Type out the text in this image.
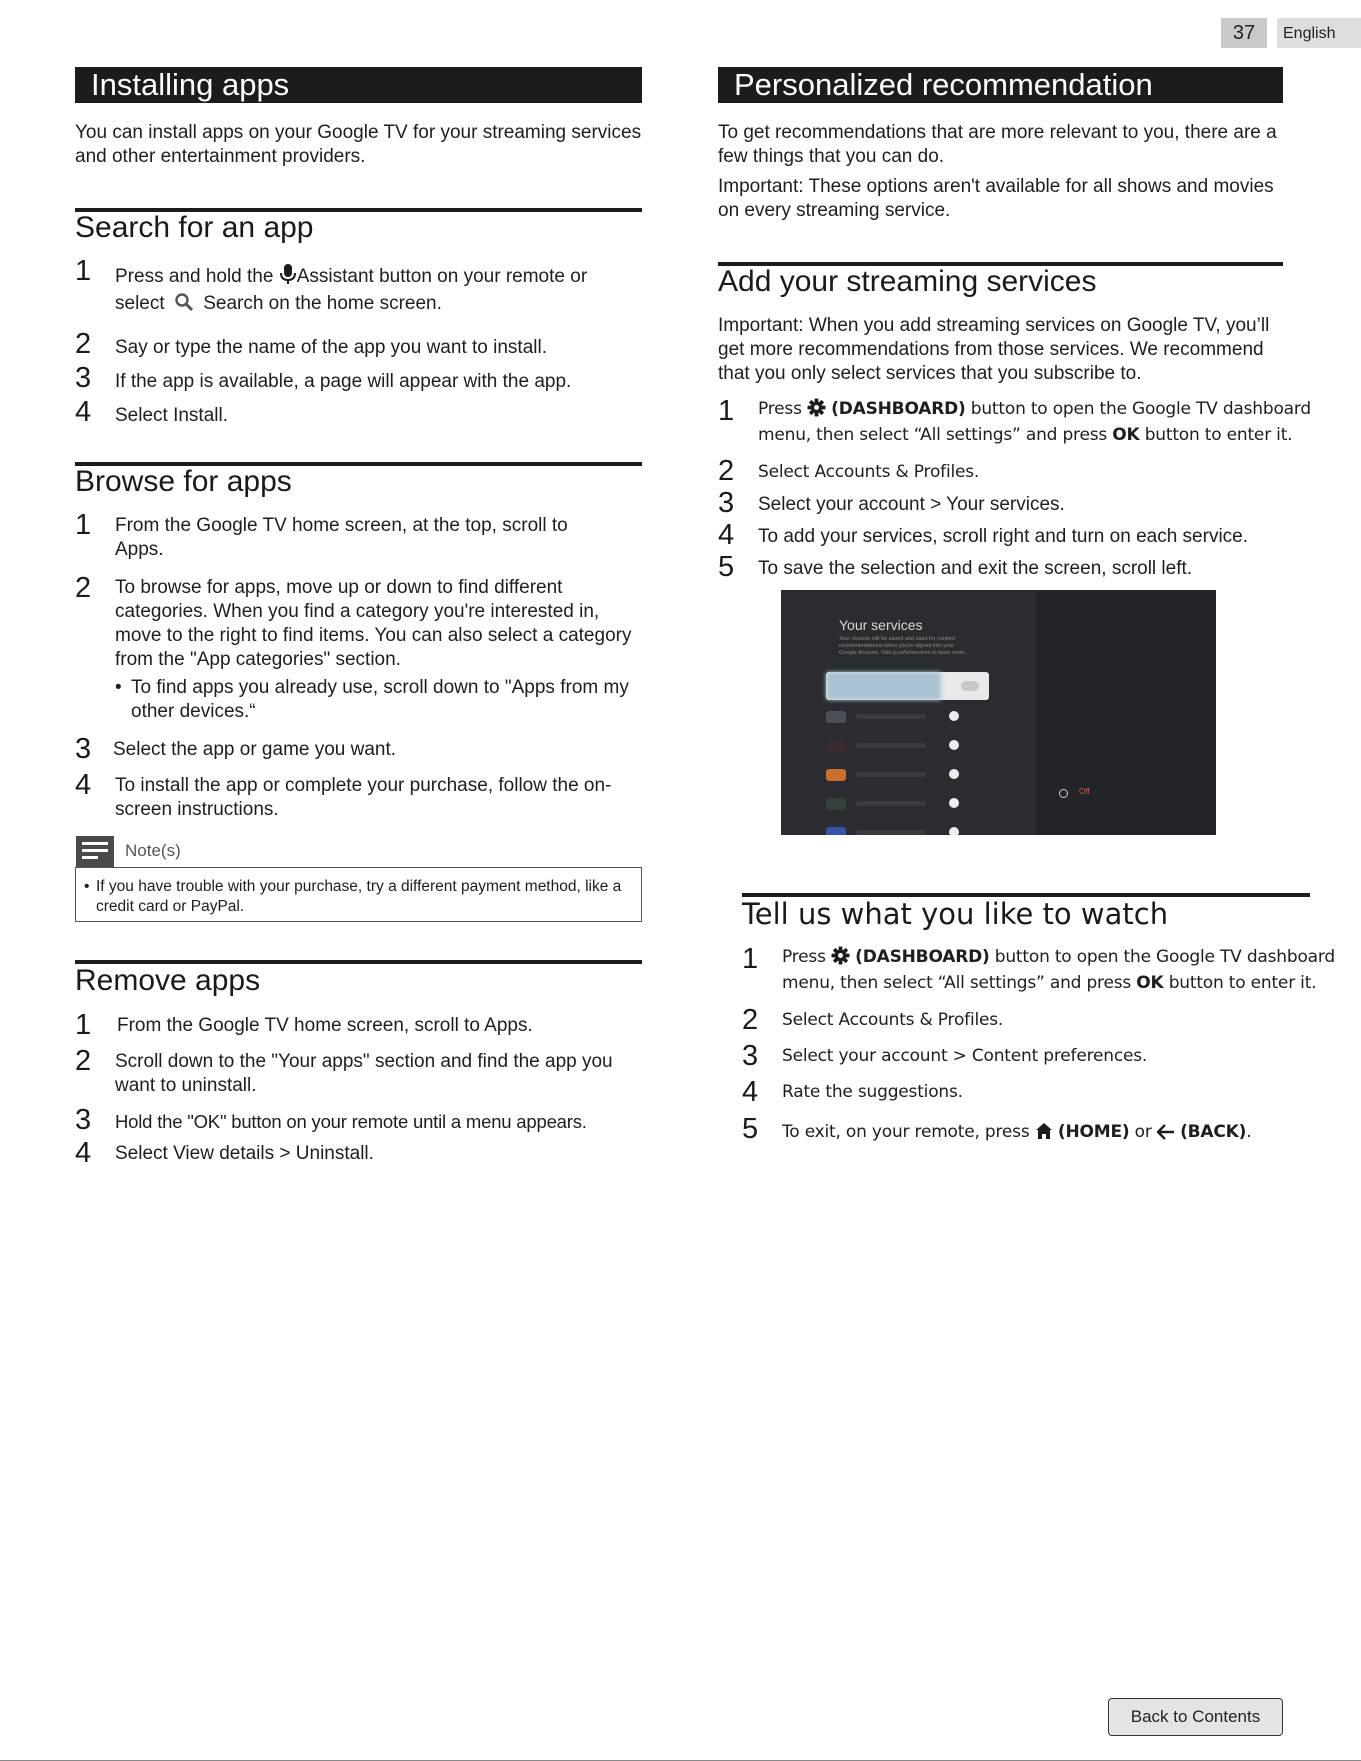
37	English
Installing apps
You can install apps on your Google TV for your streaming services and other entertainment providers.
Search for an app
1 Press and hold the Assistant button on your remote or
select  Search on the home screen.
2 Say or type the name of the app you want to install.
3 If the app is available, a page will appear with the app.
4 Select Install.
Browse for apps
1 From the Google TV home screen, at the top, scroll to Apps.
2 To browse for apps, move up or down to find different categories. When you find a category you're interested in, move to the right to find items. You can also select a category from the "App categories" section.
• To find apps you already use, scroll down to "Apps from my other devices.“
3 Select the app or game you want.
4 To install the app or complete your purchase, follow the on-screen instructions.
Note(s)
• If you have trouble with your purchase, try a different payment method, like a credit card or PayPal.
Remove apps
1 From the Google TV home screen, scroll to Apps.
2 Scroll down to the "Your apps" section and find the app you want to uninstall.
3 Hold the "OK" button on your remote until a menu appears.
4 Select View details > Uninstall.
Personalized recommendation
To get recommendations that are more relevant to you, there are a few things that you can do.
Important: These options aren't available for all shows and movies on every streaming service.
Add your streaming services
Important: When you add streaming services on Google TV, you’ll get more recommendations from those services. We recommend that you only select services that you subscribe to.
1 Press  (DASHBOARD) button to open the Google TV dashboard
menu, then select “All settings” and press OK button to enter it.
2 Select Accounts & Profiles.
3 Select your account > Your services.
4 To add your services, scroll right and turn on each service.
5 To save the selection and exit the screen, scroll left.
Your services
Your choices will be saved and used for content recommendations when you're signed into your Google Account. Visit g.co/tv/services to learn more.
Off
Tell us what you like to watch
1 Press  (DASHBOARD) button to open the Google TV dashboard
menu, then select “All settings” and press OK button to enter it.
2 Select Accounts & Profiles.
3 Select your account > Content preferences.
4 Rate the suggestions.
5 To exit, on your remote, press  (HOME) or  (BACK).
Back to Contents
